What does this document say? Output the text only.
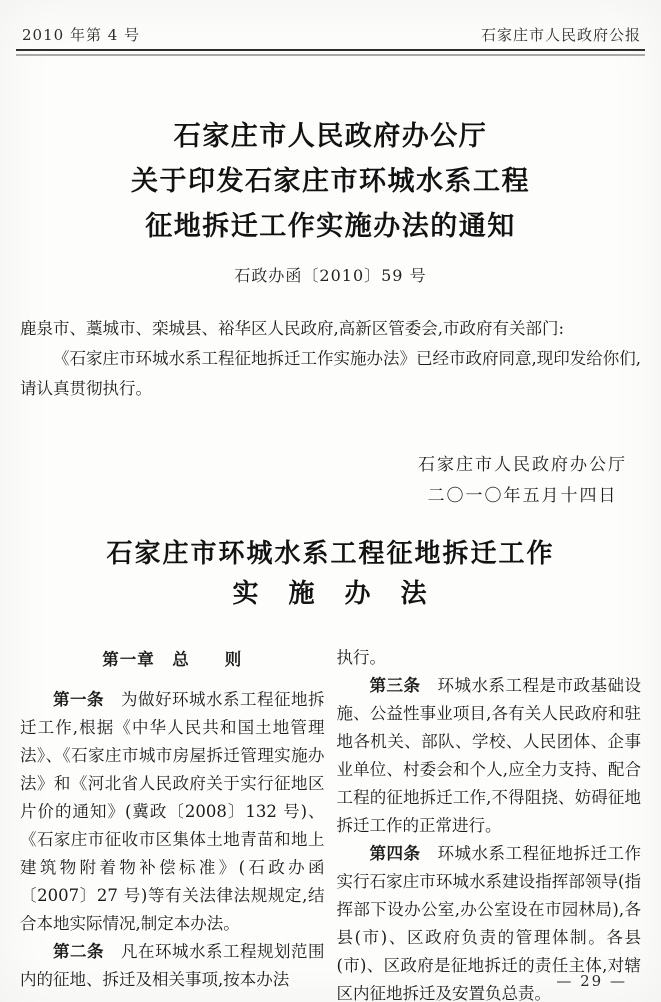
2010 年第 4 号	石家庄市人民政府公报
石家庄市人民政府办公厅
关于印发石家庄市环城水系工程
征地拆迁工作实施办法的通知
石政办函〔2010〕59 号

鹿泉市、藁城市、栾城县、裕华区人民政府,高新区管委会,市政府有关部门:

《石家庄市环城水系工程征地拆迁工作实施办法》已经市政府同意,现印发给你们,请认真贯彻执行。

石家庄市人民政府办公厅
二〇一〇年五月十四日
石家庄市环城水系工程征地拆迁工作
实　施　办　法
第一章　总　　则

第一条　为做好环城水系工程征地拆迁工作,根据《中华人民共和国土地管理法》、《石家庄市城市房屋拆迁管理实施办法》和《河北省人民政府关于实行征地区片价的通知》(冀政〔2008〕132 号)、《石家庄市征收市区集体土地青苗和地上建筑物附着物补偿标准》(石政办函〔2007〕27 号)等有关法律法规规定,结合本地实际情况,制定本办法。

第二条　凡在环城水系工程规划范围内的征地、拆迁及相关事项,按本办法

执行。

第三条　环城水系工程是市政基础设施、公益性事业项目,各有关人民政府和驻地各机关、部队、学校、人民团体、企事业单位、村委会和个人,应全力支持、配合工程的征地拆迁工作,不得阻挠、妨碍征地拆迁工作的正常进行。

第四条　环城水系工程征地拆迁工作实行石家庄市环城水系建设指挥部领导(指挥部下设办公室,办公室设在市园林局),各县(市)、区政府负责的管理体制。各县(市)、区政府是征地拆迁的责任主体,对辖区内征地拆迁及安置负总责。

— 29 —
